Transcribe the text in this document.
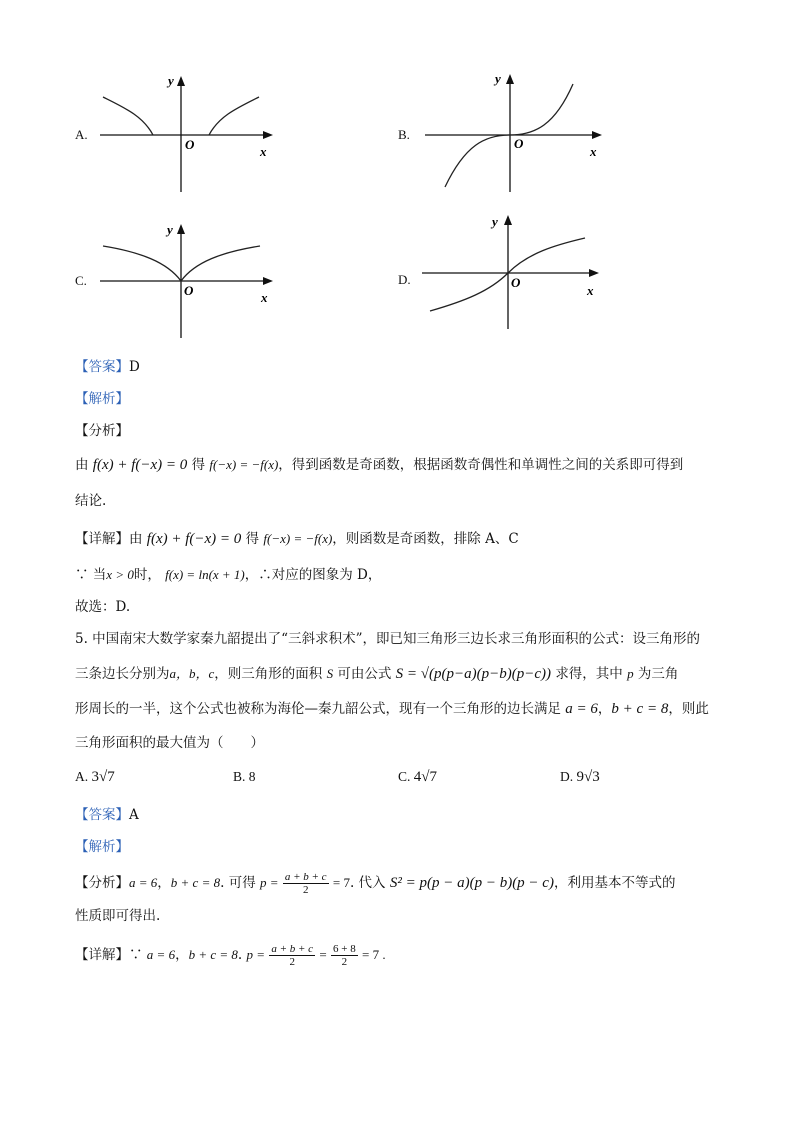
y
O	x
A.
y
O
x
B.
y
O	x
C.
y
O
x
D.
【答案】D
【解析】
【分析】
由 f(x) + f(−x) = 0 得 f(−x) = −f(x)，得到函数是奇函数，根据函数奇偶性和单调性之间的关系即可得到
结论.
【详解】由 f(x) + f(−x) = 0 得 f(−x) = −f(x)，则函数是奇函数，排除 A、C
∵ 当x > 0时， f(x) = ln(x + 1)，∴对应的图象为 D，
故选：D.
5. 中国南宋大数学家秦九韶提出了“三斜求积术”，即已知三角形三边长求三角形面积的公式：设三角形的
三条边长分别为a，b，c，则三角形的面积 S 可由公式 S = √(p(p−a)(p−b)(p−c)) 求得，其中 p 为三角
形周长的一半，这个公式也被称为海伦—秦九韶公式，现有一个三角形的边长满足 a = 6，b + c = 8，则此
三角形面积的最大值为（　　）
A. 3√7	B. 8	C. 4√7	D. 9√3
【答案】A
【解析】
【分析】a = 6，b + c = 8. 可得 $p = \frac{a + b + c}{2} = 7$. 代入 S² = p(p − a)(p − b)(p − c)，利用基本不等式的
性质即可得出.
【详解】∵ a = 6，b + c = 8. $p = \frac{a + b + c}{2} = \frac{6 + 8}{2} = 7$ .
